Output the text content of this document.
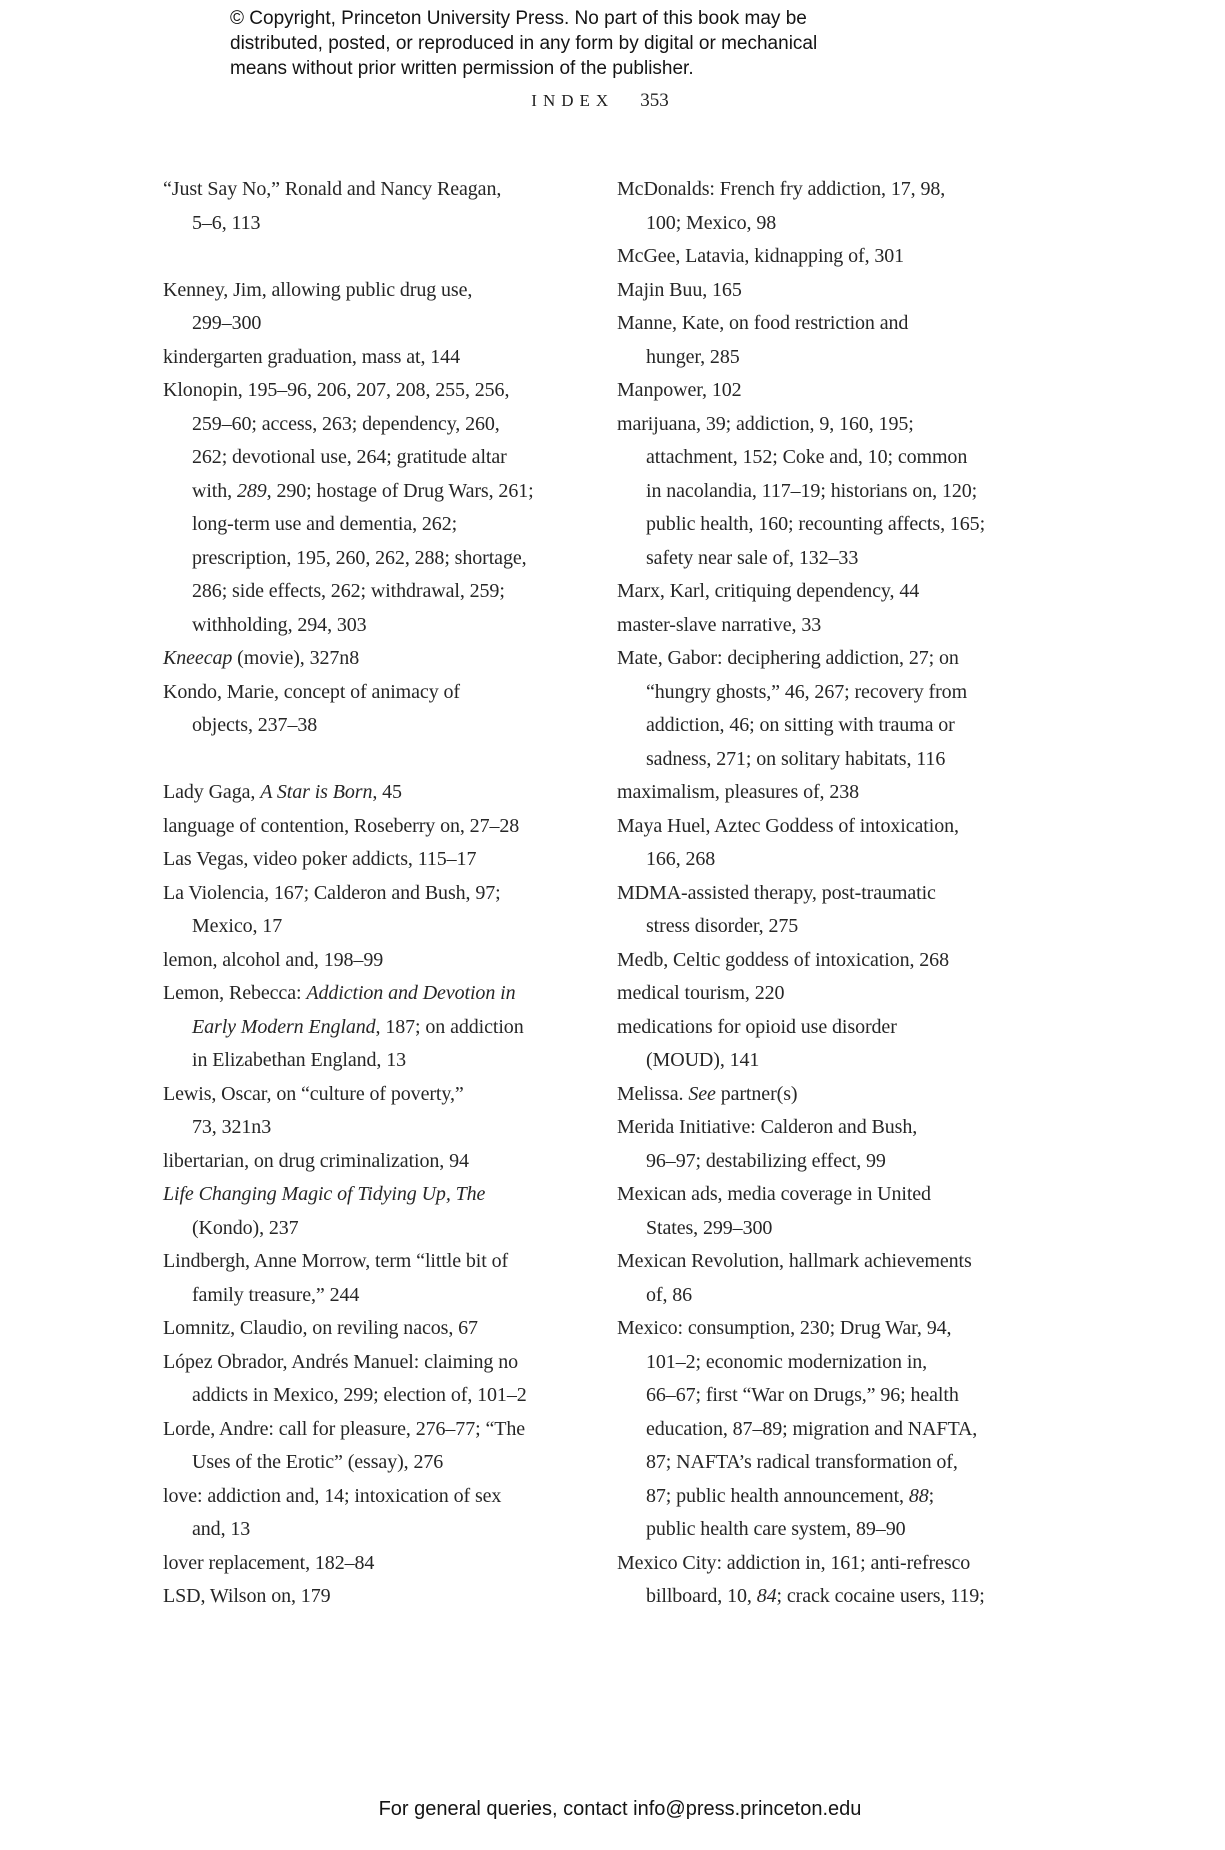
© Copyright, Princeton University Press. No part of this book may be
distributed, posted, or reproduced in any form by digital or mechanical
means without prior written permission of the publisher.
INDEX 353
“Just Say No,” Ronald and Nancy Reagan,
5–6, 113
Kenney, Jim, allowing public drug use,
299–300
kindergarten graduation, mass at, 144
Klonopin, 195–96, 206, 207, 208, 255, 256,
259–60; access, 263; dependency, 260,
262; devotional use, 264; gratitude altar
with, 289, 290; hostage of Drug Wars, 261;
long-term use and dementia, 262;
prescription, 195, 260, 262, 288; shortage,
286; side effects, 262; withdrawal, 259;
withholding, 294, 303
Kneecap (movie), 327n8
Kondo, Marie, concept of animacy of
objects, 237–38
Lady Gaga, A Star is Born, 45
language of contention, Roseberry on, 27–28
Las Vegas, video poker addicts, 115–17
La Violencia, 167; Calderon and Bush, 97;
Mexico, 17
lemon, alcohol and, 198–99
Lemon, Rebecca: Addiction and Devotion in
Early Modern England, 187; on addiction
in Elizabethan England, 13
Lewis, Oscar, on “culture of poverty,”
73, 321n3
libertarian, on drug criminalization, 94
Life Changing Magic of Tidying Up, The
(Kondo), 237
Lindbergh, Anne Morrow, term “little bit of
family treasure,” 244
Lomnitz, Claudio, on reviling nacos, 67
López Obrador, Andrés Manuel: claiming no
addicts in Mexico, 299; election of, 101–2
Lorde, Andre: call for pleasure, 276–77; “The
Uses of the Erotic” (essay), 276
love: addiction and, 14; intoxication of sex
and, 13
lover replacement, 182–84
LSD, Wilson on, 179
McDonalds: French fry addiction, 17, 98,
100; Mexico, 98
McGee, Latavia, kidnapping of, 301
Majin Buu, 165
Manne, Kate, on food restriction and
hunger, 285
Manpower, 102
marijuana, 39; addiction, 9, 160, 195;
attachment, 152; Coke and, 10; common
in nacolandia, 117–19; historians on, 120;
public health, 160; recounting affects, 165;
safety near sale of, 132–33
Marx, Karl, critiquing dependency, 44
master-slave narrative, 33
Mate, Gabor: deciphering addiction, 27; on
“hungry ghosts,” 46, 267; recovery from
addiction, 46; on sitting with trauma or
sadness, 271; on solitary habitats, 116
maximalism, pleasures of, 238
Maya Huel, Aztec Goddess of intoxication,
166, 268
MDMA-assisted therapy, post-traumatic
stress disorder, 275
Medb, Celtic goddess of intoxication, 268
medical tourism, 220
medications for opioid use disorder
(MOUD), 141
Melissa. See partner(s)
Merida Initiative: Calderon and Bush,
96–97; destabilizing effect, 99
Mexican ads, media coverage in United
States, 299–300
Mexican Revolution, hallmark achievements
of, 86
Mexico: consumption, 230; Drug War, 94,
101–2; economic modernization in,
66–67; first “War on Drugs,” 96; health
education, 87–89; migration and NAFTA,
87; NAFTA’s radical transformation of,
87; public health announcement, 88;
public health care system, 89–90
Mexico City: addiction in, 161; anti-refresco
billboard, 10, 84; crack cocaine users, 119;
For general queries, contact info@press.princeton.edu
